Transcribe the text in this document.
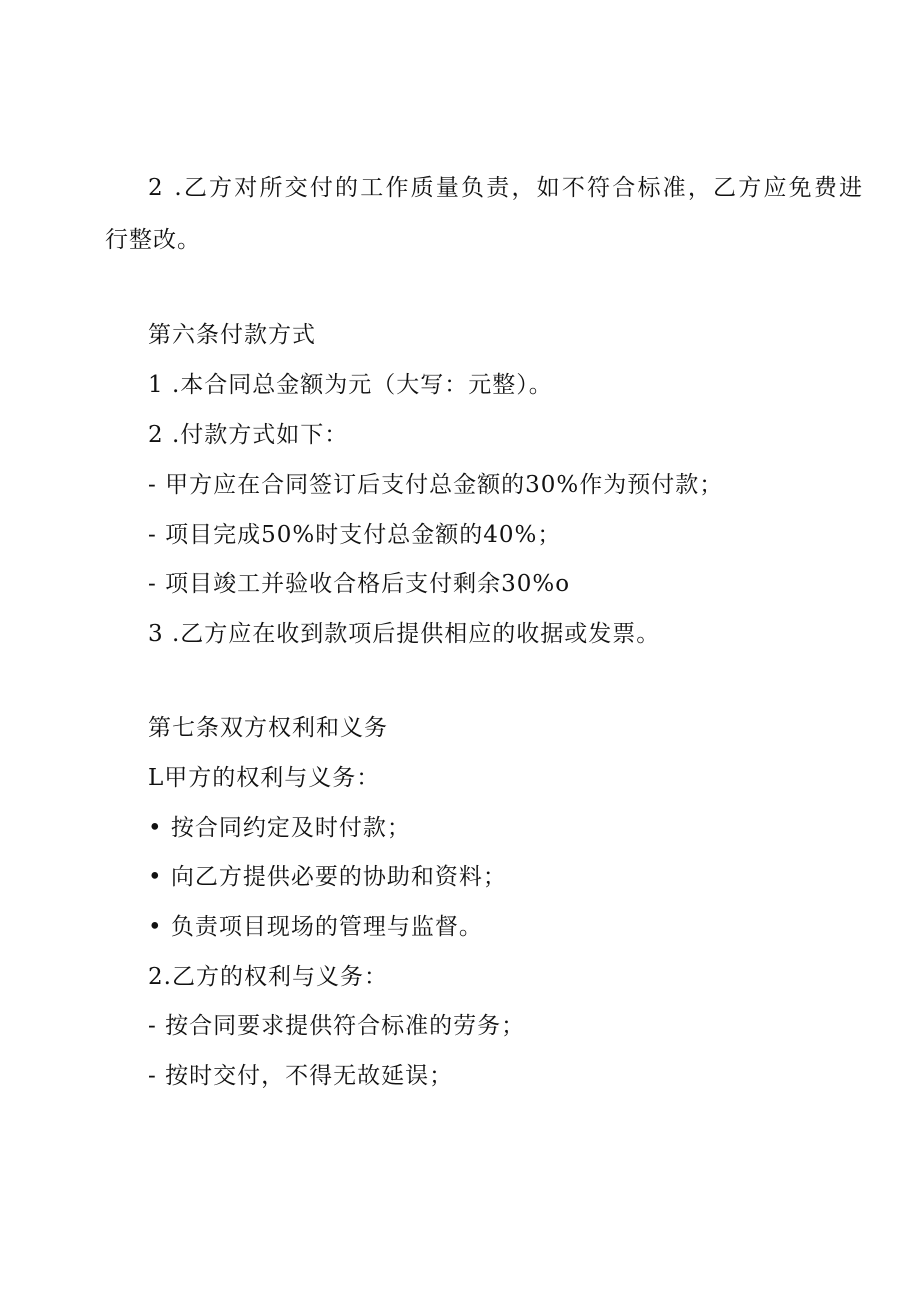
2 .乙方对所交付的工作质量负责，如不符合标准，乙方应免费进
行整改。
第六条付款方式
1 .本合同总金额为元（大写：元整）。
2 .付款方式如下：
- 甲方应在合同签订后支付总金额的30%作为预付款；
- 项目完成50%时支付总金额的40%；
- 项目竣工并验收合格后支付剩余30%o
3 .乙方应在收到款项后提供相应的收据或发票。
第七条双方权利和义务
L甲方的权利与义务：
• 按合同约定及时付款；
• 向乙方提供必要的协助和资料；
• 负责项目现场的管理与监督。
2.乙方的权利与义务：
- 按合同要求提供符合标准的劳务；
- 按时交付，不得无故延误；
